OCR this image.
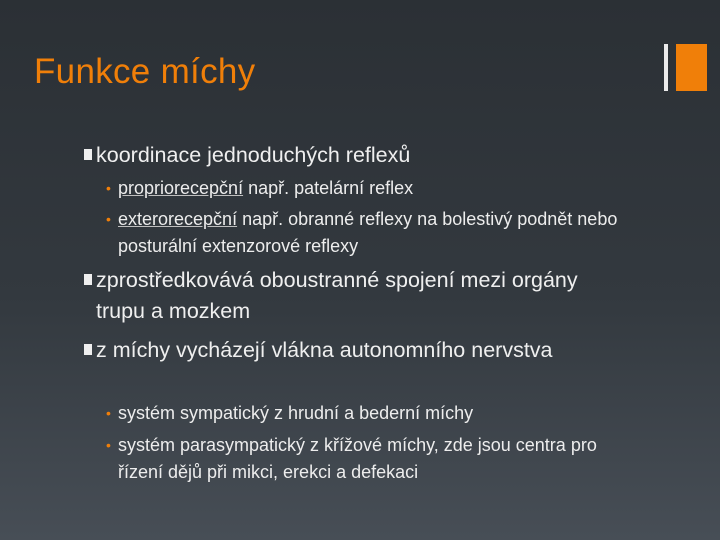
Funkce míchy
koordinace jednoduchých reflexů
• propriorecepční např. patelární reflex
• exterorecepční např. obranné reflexy na bolestivý podnět nebo posturální extenzorové reflexy
zprostředkovává oboustranné spojení mezi orgány trupu a mozkem
z míchy vycházejí vlákna autonomního nervstva
• systém sympatický z hrudní a bederní míchy
• systém parasympatický z křížové míchy, zde jsou centra pro řízení dějů při mikci, erekci a defekaci
